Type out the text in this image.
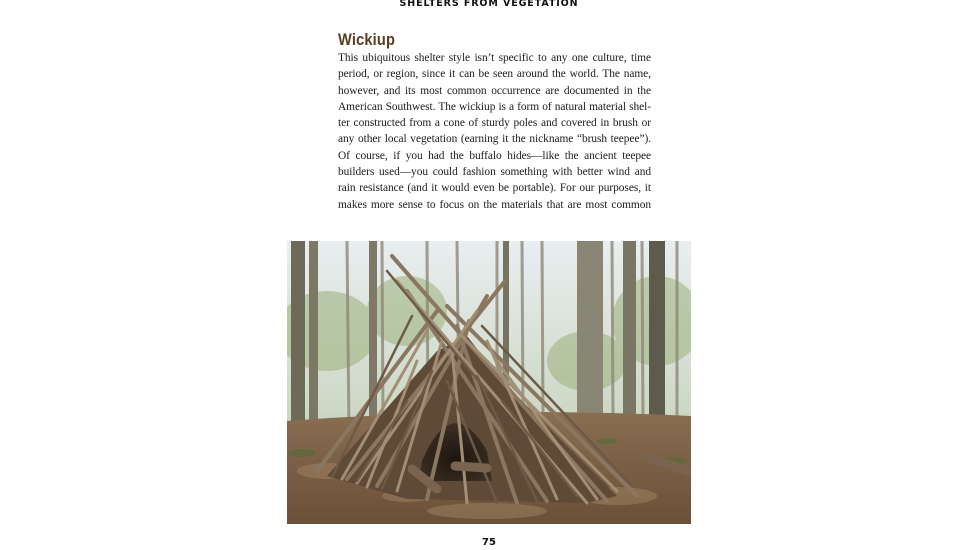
SHELTERS FROM VEGETATION
Wickiup
This ubiquitous shelter style isn’t specific to any one culture, time
period, or region, since it can be seen around the world. The name,
however, and its most common occurrence are documented in the
American Southwest. The wickiup is a form of natural material shel-
ter constructed from a cone of sturdy poles and covered in brush or
any other local vegetation (earning it the nickname “brush teepee”).
Of course, if you had the buffalo hides—like the ancient teepee
builders used—you could fashion something with better wind and
rain resistance (and it would even be portable). For our purposes, it
makes more sense to focus on the materials that are most common
75
